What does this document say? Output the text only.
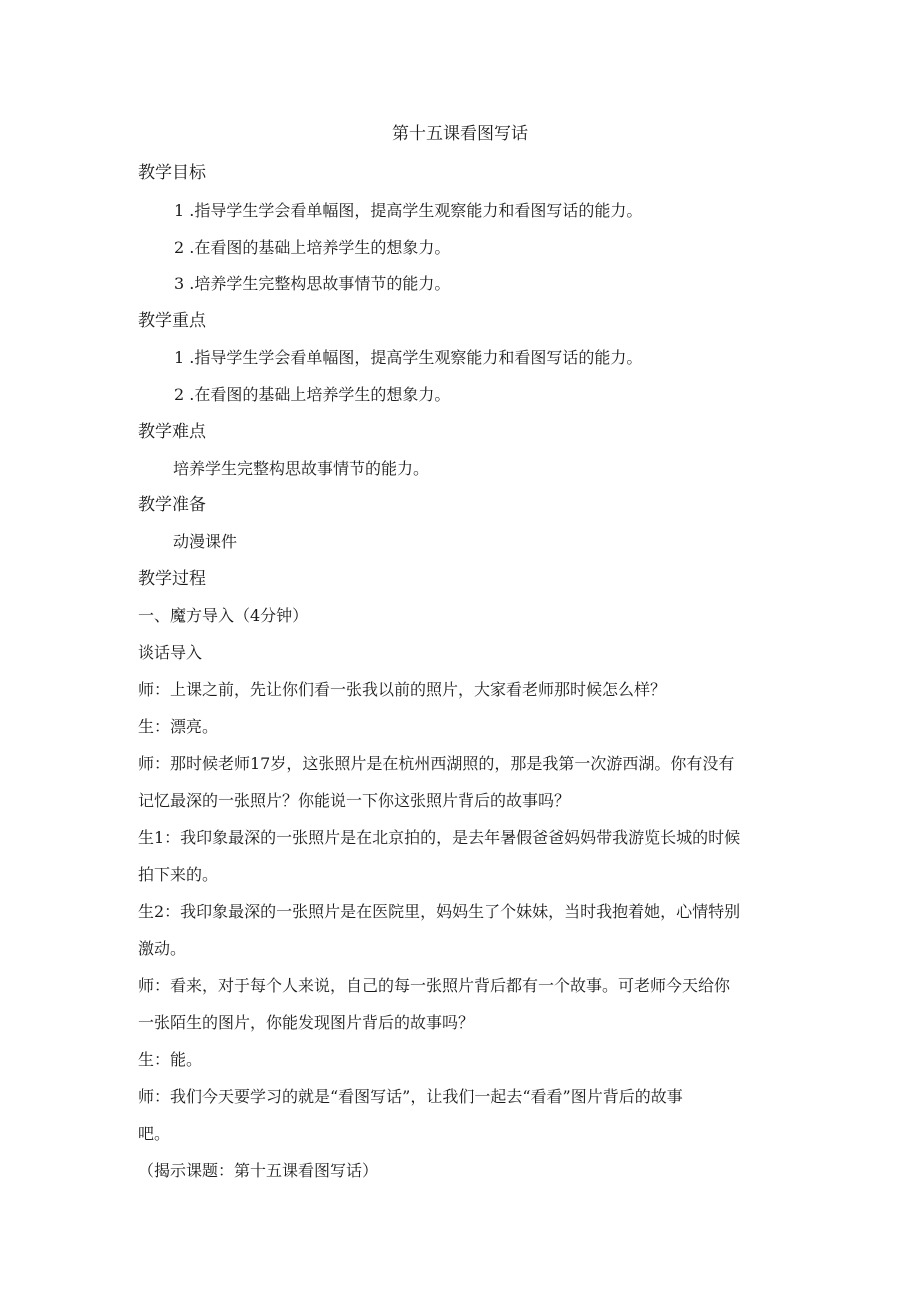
第十五课看图写话
教学目标
1 .指导学生学会看单幅图，提高学生观察能力和看图写话的能力。
2 .在看图的基础上培养学生的想象力。
3 .培养学生完整构思故事情节的能力。
教学重点
1 .指导学生学会看单幅图，提高学生观察能力和看图写话的能力。
2 .在看图的基础上培养学生的想象力。
教学难点
培养学生完整构思故事情节的能力。
教学准备
动漫课件
教学过程
一、魔方导入（4分钟）
谈话导入
师：上课之前，先让你们看一张我以前的照片，大家看老师那时候怎么样？
生：漂亮。
师：那时候老师17岁，这张照片是在杭州西湖照的，那是我第一次游西湖。你有没有
记忆最深的一张照片？你能说一下你这张照片背后的故事吗？
生1：我印象最深的一张照片是在北京拍的，是去年暑假爸爸妈妈带我游览长城的时候
拍下来的。
生2：我印象最深的一张照片是在医院里，妈妈生了个妹妹，当时我抱着她，心情特别
激动。
师：看来，对于每个人来说，自己的每一张照片背后都有一个故事。可老师今天给你
一张陌生的图片，你能发现图片背后的故事吗？
生：能。
师：我们今天要学习的就是“看图写话”，让我们一起去“看看”图片背后的故事
吧。
（揭示课题：第十五课看图写话）
